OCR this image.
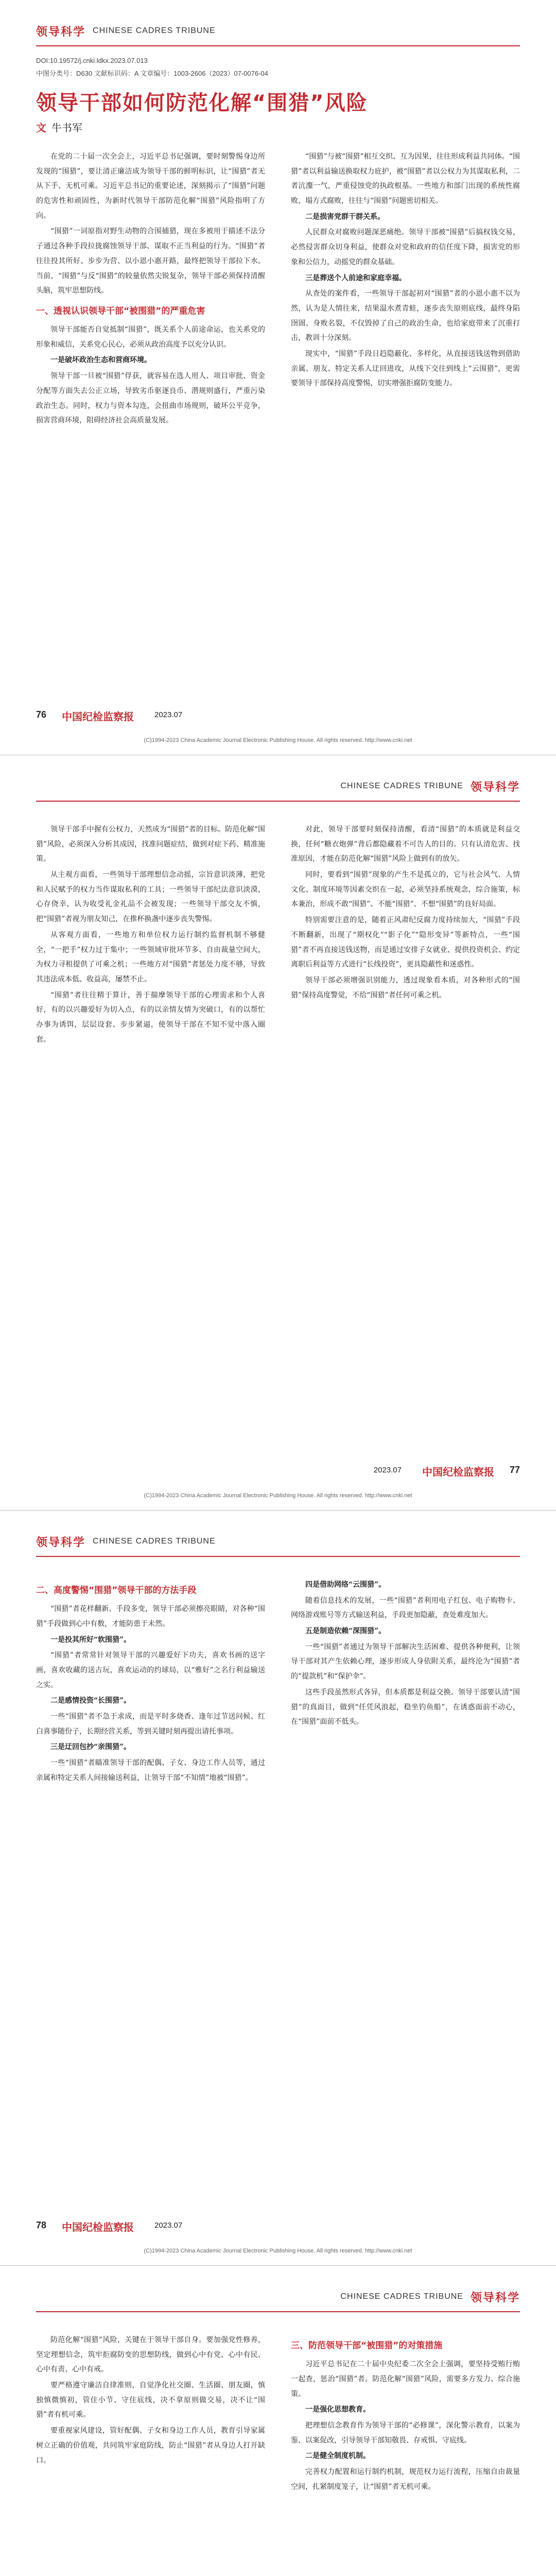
领导科学 CHINESE CADRES TRIBUNE
DOI:10.19572/j.cnki.ldkx.2023.07.013
中图分类号：D630 文献标识码：A 文章编号：1003-2606（2023）07-0076-04
领导干部如何防范化解“围猎”风险
文 牛书军

在党的二十届一次全会上，习近平总书记强调，要时刻警惕身边所发现的“围猎”，要让清正廉洁成为领导干部的鲜明标识，让“围猎”者无从下手、无机可乘。习近平总书记的重要论述，深刻揭示了“围猎”问题的危害性和顽固性，为新时代领导干部防范化解“围猎”风险指明了方向。

“围猎”一词原指对野生动物的合围捕猎，现在多被用于描述不法分子通过各种手段拉拢腐蚀领导干部、谋取不正当利益的行为。“围猎”者往往投其所好、步步为营、以小恩小惠开路，最终把领导干部拉下水。当前，“围猎”与反“围猎”的较量依然尖锐复杂，领导干部必须保持清醒头脑，筑牢思想防线。

一、透视认识领导干部“被围猎”的严重危害

领导干部能否自觉抵制“围猎”，既关系个人前途命运，也关系党的形象和威信，关系党心民心，必须从政治高度予以充分认识。

一是破坏政治生态和营商环境。

领导干部一旦被“围猎”俘获，就容易在选人用人、项目审批、资金分配等方面失去公正立场，导致劣币驱逐良币、潜规则盛行，严重污染政治生态。同时，权力与资本勾连，会扭曲市场规则，破坏公平竞争，损害营商环境，阻碍经济社会高质量发展。

“围猎”与被“围猎”相互交织、互为因果，往往形成利益共同体。“围猎”者以利益输送换取权力庇护，被“围猎”者以公权力为其谋取私利，二者沆瀣一气，严重侵蚀党的执政根基。一些地方和部门出现的系统性腐败、塌方式腐败，往往与“围猎”问题密切相关。

二是损害党群干群关系。

人民群众对腐败问题深恶痛绝。领导干部被“围猎”后搞权钱交易，必然侵害群众切身利益，使群众对党和政府的信任度下降，损害党的形象和公信力，动摇党的群众基础。

三是葬送个人前途和家庭幸福。

从查处的案件看，一些领导干部起初对“围猎”者的小恩小惠不以为然，认为是人情往来，结果温水煮青蛙，逐步丧失原则底线，最终身陷囹圄、身败名裂，不仅毁掉了自己的政治生命，也给家庭带来了沉重打击，教训十分深刻。

现实中，“围猎”手段日趋隐蔽化、多样化，从直接送钱送物到借助亲属、朋友、特定关系人迂回进攻，从线下交往到线上“云围猎”，更需要领导干部保持高度警惕，切实增强拒腐防变能力。

76 中国纪检监察报	2023.07
(C)1994-2023 China Academic Journal Electronic Publishing House. All rights reserved. http://www.cnki.net
CHINESE CADRES TRIBUNE 领导科学

领导干部手中握有公权力，天然成为“围猎”者的目标。防范化解“围猎”风险，必须深入分析其成因，找准问题症结，做到对症下药、精准施策。

从主观方面看，一些领导干部理想信念动摇，宗旨意识淡薄，把党和人民赋予的权力当作谋取私利的工具；一些领导干部纪法意识淡漠，心存侥幸，认为收受礼金礼品不会被发现；一些领导干部交友不慎，把“围猎”者视为朋友知己，在推杯换盏中逐步丧失警惕。

从客观方面看，一些地方和单位权力运行制约监督机制不够健全，“一把手”权力过于集中；一些领域审批环节多、自由裁量空间大，为权力寻租提供了可乘之机；一些地方对“围猎”者惩处力度不够，导致其违法成本低、收益高，屡禁不止。

“围猎”者往往精于算计，善于揣摩领导干部的心理需求和个人喜好，有的以兴趣爱好为切入点，有的以亲情友情为突破口，有的以帮忙办事为诱饵，层层设套、步步紧逼，使领导干部在不知不觉中落入圈套。

对此，领导干部要时刻保持清醒，看清“围猎”的本质就是利益交换，任何“糖衣炮弹”背后都隐藏着不可告人的目的。只有认清危害、找准原因，才能在防范化解“围猎”风险上做到有的放矢。

同时，要看到“围猎”现象的产生不是孤立的，它与社会风气、人情文化、制度环境等因素交织在一起，必须坚持系统观念，综合施策，标本兼治，形成不敢“围猎”、不能“围猎”、不想“围猎”的良好局面。

特别需要注意的是，随着正风肃纪反腐力度持续加大，“围猎”手段不断翻新，出现了“期权化”“影子化”“隐形变异”等新特点，一些“围猎”者不再直接送钱送物，而是通过安排子女就业、提供投资机会、约定离职后利益等方式进行“长线投资”，更具隐蔽性和迷惑性。

领导干部必须增强识别能力，透过现象看本质，对各种形式的“围猎”保持高度警觉，不给“围猎”者任何可乘之机。

77
中国纪检监察报
2023.07
(C)1994-2023 China Academic Journal Electronic Publishing House. All rights reserved. http://www.cnki.net
领导科学 CHINESE CADRES TRIBUNE
二、高度警惕“围猎”领导干部的方法手段

“围猎”者花样翻新、手段多变，领导干部必须擦亮眼睛，对各种“围猎”手段做到心中有数，才能防患于未然。

一是投其所好“软围猎”。

“围猎”者常常针对领导干部的兴趣爱好下功夫，喜欢书画的送字画，喜欢收藏的送古玩，喜欢运动的约球局，以“雅好”之名行利益输送之实。

二是感情投资“长围猎”。

一些“围猎”者不急于求成，而是平时多烧香、逢年过节送问候、红白喜事随份子，长期经营关系，等到关键时刻再提出请托事项。

三是迂回包抄“亲围猎”。

一些“围猎”者瞄准领导干部的配偶、子女、身边工作人员等，通过亲属和特定关系人间接输送利益，让领导干部“不知情”地被“围猎”。

四是借助网络“云围猎”。

随着信息技术的发展，一些“围猎”者利用电子红包、电子购物卡、网络游戏账号等方式输送利益，手段更加隐蔽，查处难度加大。

五是制造依赖“深围猎”。

一些“围猎”者通过为领导干部解决生活困难、提供各种便利，让领导干部对其产生依赖心理，逐步形成人身依附关系，最终沦为“围猎”者的“提款机”和“保护伞”。

这些手段虽然形式各异，但本质都是利益交换。领导干部要认清“围猎”的真面目，做到“任凭风浪起，稳坐钓鱼船”，在诱惑面前不动心，在“围猎”面前不低头。

78 中国纪检监察报	2023.07
(C)1994-2023 China Academic Journal Electronic Publishing House. All rights reserved. http://www.cnki.net
CHINESE CADRES TRIBUNE 领导科学

防范化解“围猎”风险，关键在于领导干部自身。要加强党性修养，坚定理想信念，筑牢拒腐防变的思想防线，做到心中有党、心中有民、心中有责、心中有戒。

要严格遵守廉洁自律准则，自觉净化社交圈、生活圈、朋友圈，慎独慎微慎初，管住小节、守住底线，决不拿原则做交易，决不让“围猎”者有机可乘。

要重视家风建设，管好配偶、子女和身边工作人员，教育引导家属树立正确的价值观，共同筑牢家庭防线，防止“围猎”者从身边人打开缺口。

三、防范领导干部“被围猎”的对策措施

习近平总书记在二十届中央纪委二次全会上强调，要坚持受贿行贿一起查，惩治“围猎”者。防范化解“围猎”风险，需要多方发力、综合施策。

一是强化思想教育。

把理想信念教育作为领导干部的“必修课”，深化警示教育，以案为鉴、以案促改，引导领导干部知敬畏、存戒惧、守底线。

二是健全制度机制。

完善权力配置和运行制约机制，规范权力运行流程，压缩自由裁量空间，扎紧制度笼子，让“围猎”者无机可乘。
